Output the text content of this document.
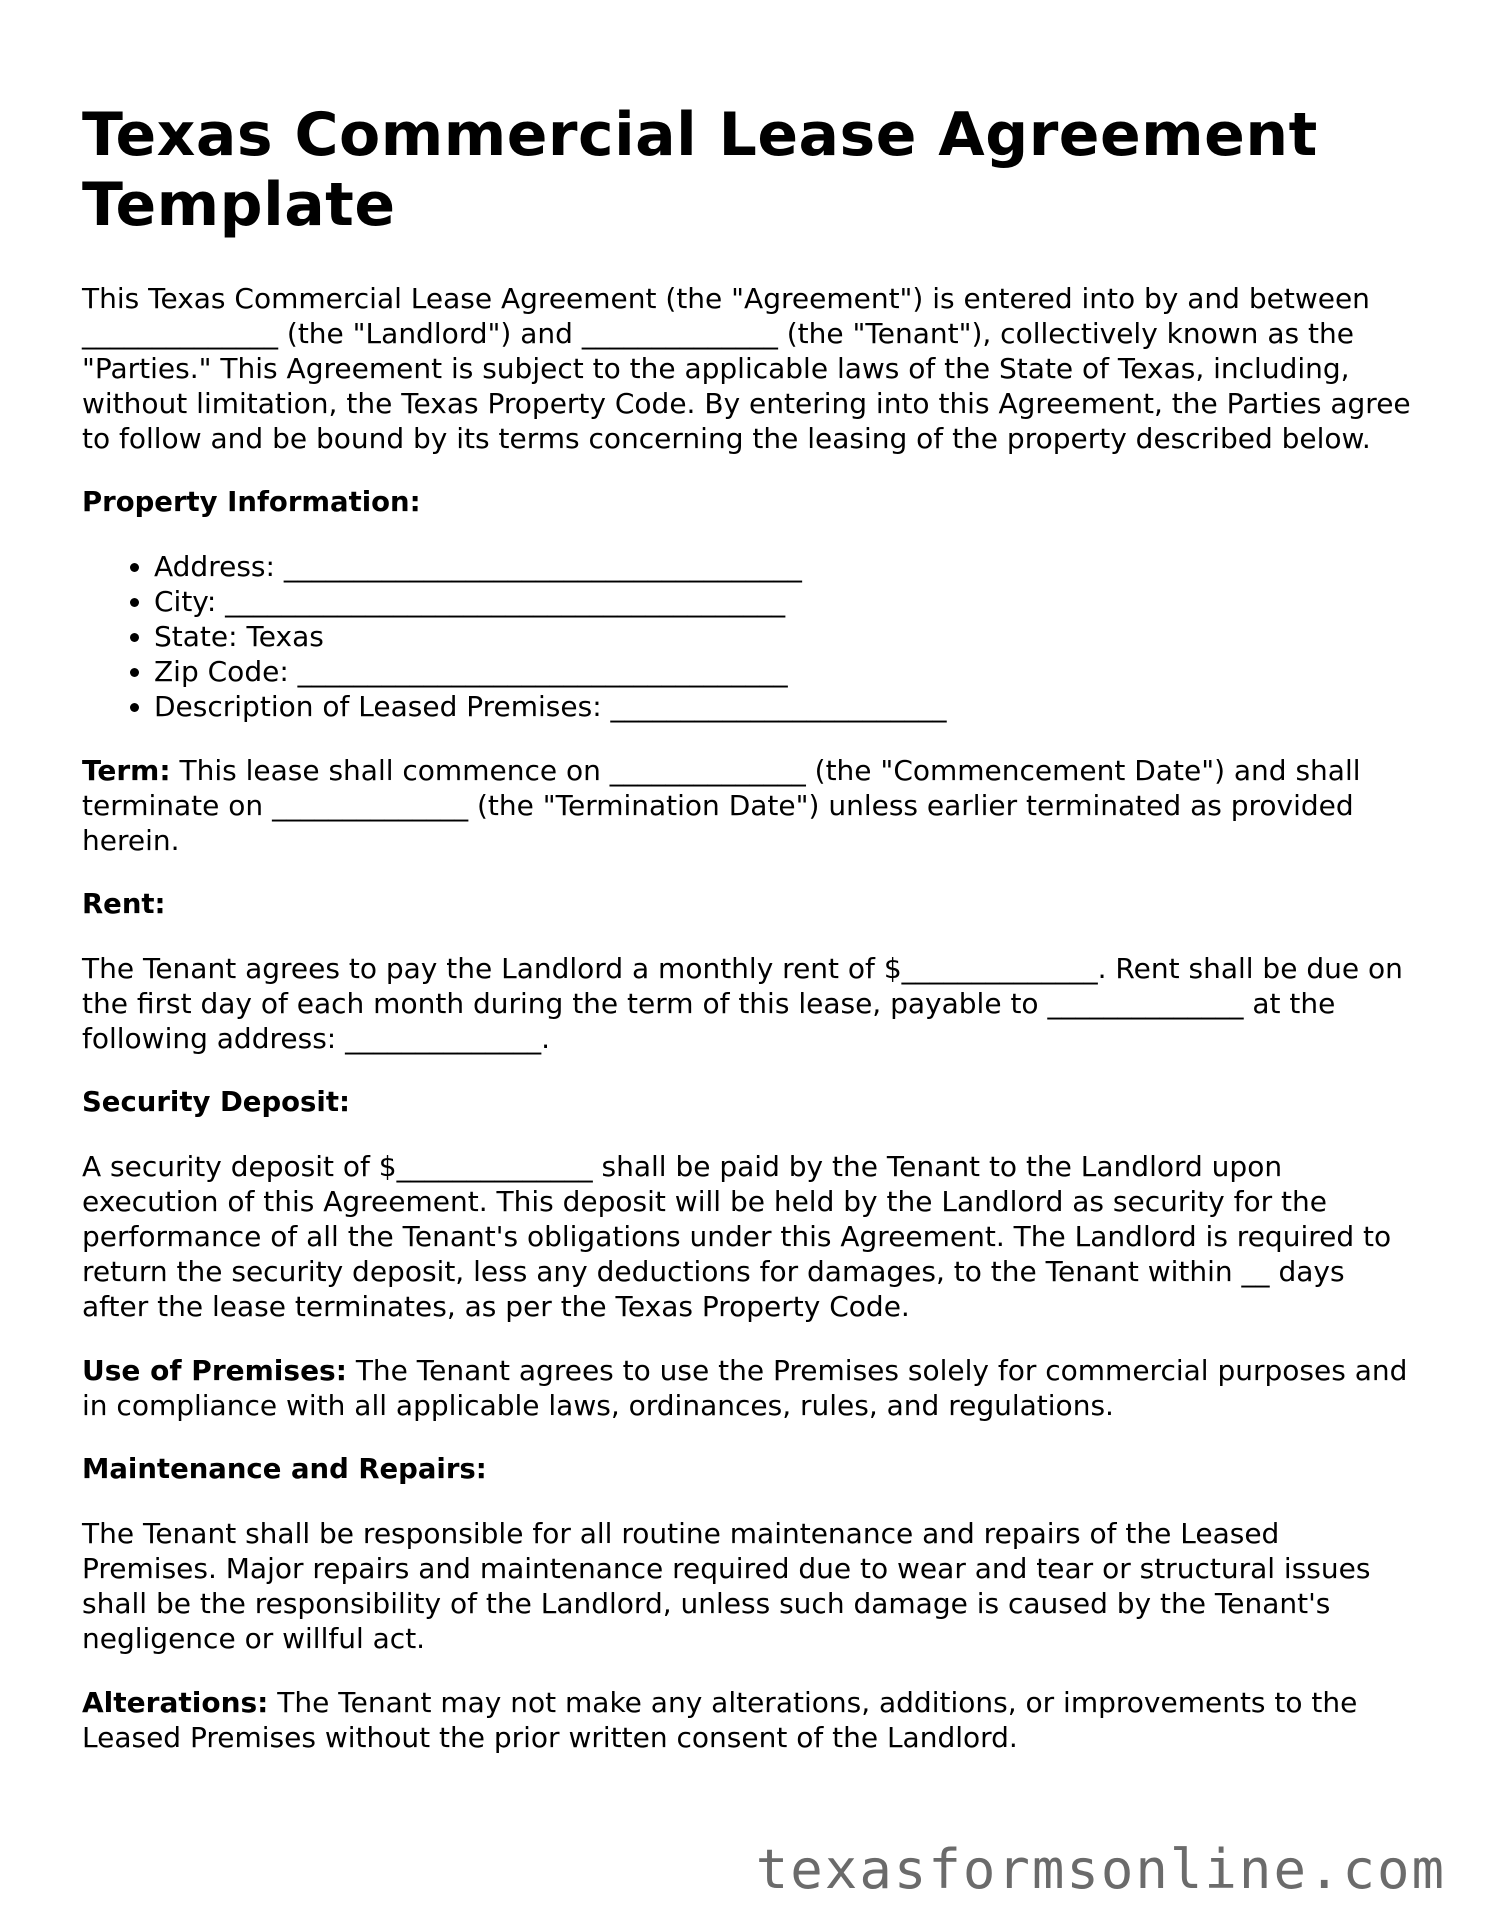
Texas Commercial Lease Agreement Template

This Texas Commercial Lease Agreement (the "Agreement") is entered into by and between ______________ (the "Landlord") and ______________ (the "Tenant"), collectively known as the "Parties." This Agreement is subject to the applicable laws of the State of Texas, including, without limitation, the Texas Property Code. By entering into this Agreement, the Parties agree to follow and be bound by its terms concerning the leasing of the property described below.

Property Information:

• Address: _____________________________________
• City: ________________________________________
• State: Texas
• Zip Code: ___________________________________
• Description of Leased Premises: ________________________

Term: This lease shall commence on ______________ (the "Commencement Date") and shall terminate on ______________ (the "Termination Date") unless earlier terminated as provided herein.

Rent:

The Tenant agrees to pay the Landlord a monthly rent of $______________. Rent shall be due on the first day of each month during the term of this lease, payable to ______________ at the following address: ______________.

Security Deposit:

A security deposit of $______________ shall be paid by the Tenant to the Landlord upon execution of this Agreement. This deposit will be held by the Landlord as security for the performance of all the Tenant's obligations under this Agreement. The Landlord is required to return the security deposit, less any deductions for damages, to the Tenant within __ days after the lease terminates, as per the Texas Property Code.

Use of Premises: The Tenant agrees to use the Premises solely for commercial purposes and in compliance with all applicable laws, ordinances, rules, and regulations.

Maintenance and Repairs:

The Tenant shall be responsible for all routine maintenance and repairs of the Leased Premises. Major repairs and maintenance required due to wear and tear or structural issues shall be the responsibility of the Landlord, unless such damage is caused by the Tenant's negligence or willful act.

Alterations: The Tenant may not make any alterations, additions, or improvements to the Leased Premises without the prior written consent of the Landlord.

texasformsonline.com
